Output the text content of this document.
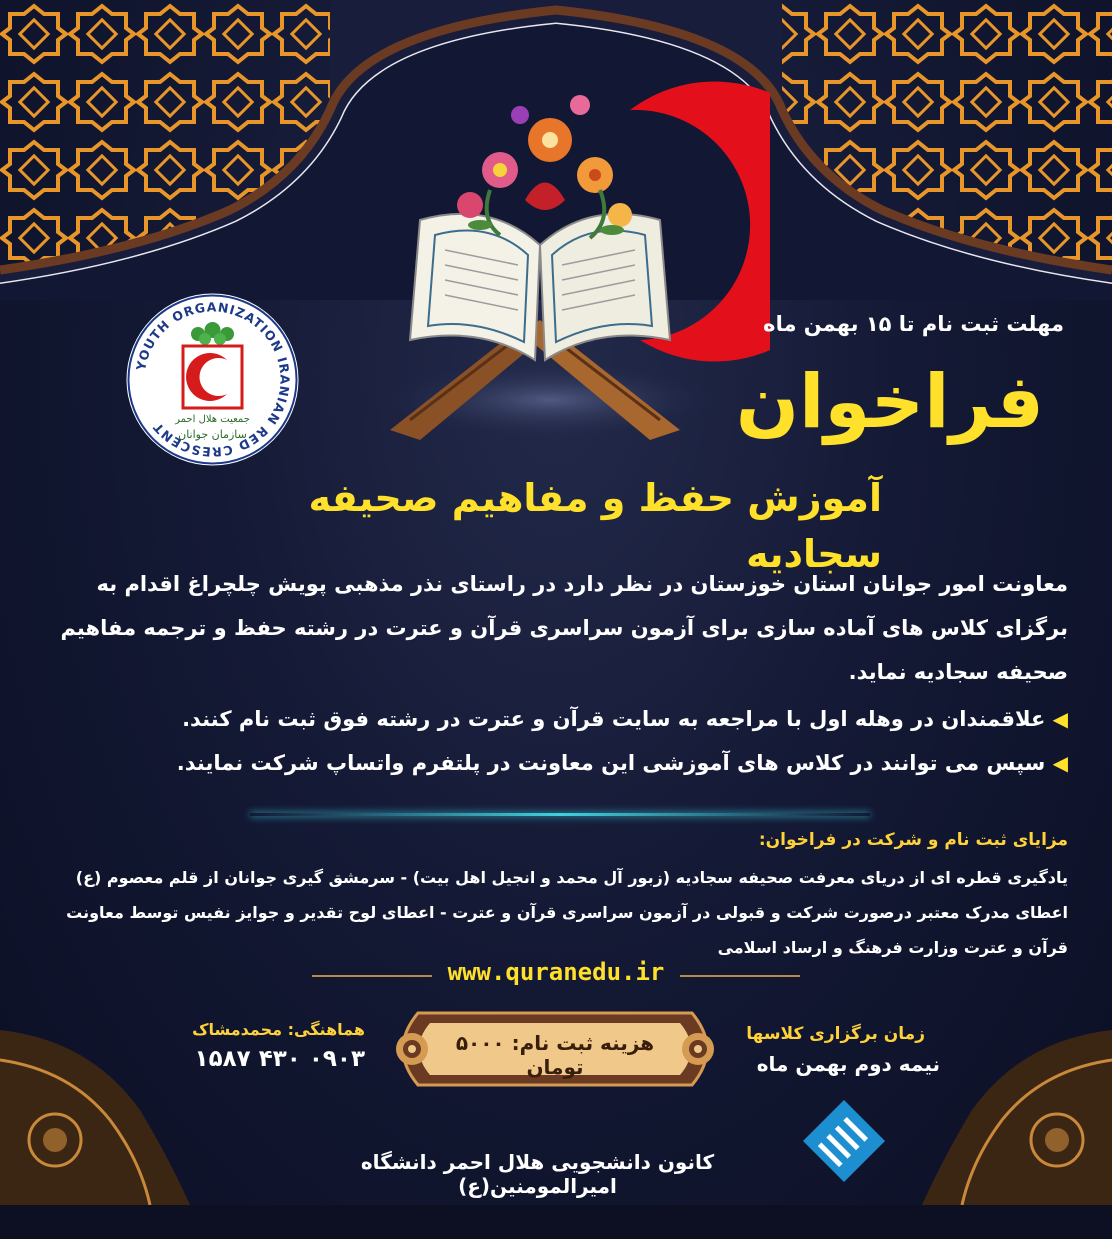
YOUTH ORGANIZATION IRANIAN RED CRESCENT جمعیت هلال احمر
سازمان جوانان
مهلت ثبت نام تا ۱۵ بهمن ماه
فراخوان
آموزش حفظ و مفاهیم صحیفه سجادیه
معاونت امور جوانان استان خوزستان در نظر دارد در راستای نذر مذهبی پویش چلچراغ اقدام به
برگزای کلاس های آماده سازی برای آزمون سراسری قرآن و عترت در رشته حفظ و ترجمه مفاهیم
صحیفه سجادیه نماید.
◀ علاقمندان در وهله اول با مراجعه به سایت قرآن و عترت در رشته فوق ثبت نام کنند.
◀ سپس می توانند در کلاس های آموزشی این معاونت در پلتفرم واتساپ شرکت نمایند.
مزایای ثبت نام و شرکت در فراخوان:
یادگیری قطره ای از دریای معرفت صحیفه سجادیه (زبور آل محمد و انجیل اهل بیت) - سرمشق گیری جوانان از قلم معصوم (ع)
اعطای مدرک معتبر درصورت شرکت و قبولی در آزمون سراسری قرآن و عترت - اعطای لوح تقدیر و جوایز نفیس توسط معاونت
قرآن و عترت وزارت فرهنگ و ارساد اسلامی
www.quranedu.ir
هزینه ثبت نام: ۵۰۰۰ تومان
هماهنگی: محمدمشاک
۰۹۰۳ ۴۳۰ ۱۵۸۷
زمان برگزاری کلاسها
نیمه دوم بهمن ماه
کانون دانشجویی هلال احمر دانشگاه امیرالمومنین(ع)
